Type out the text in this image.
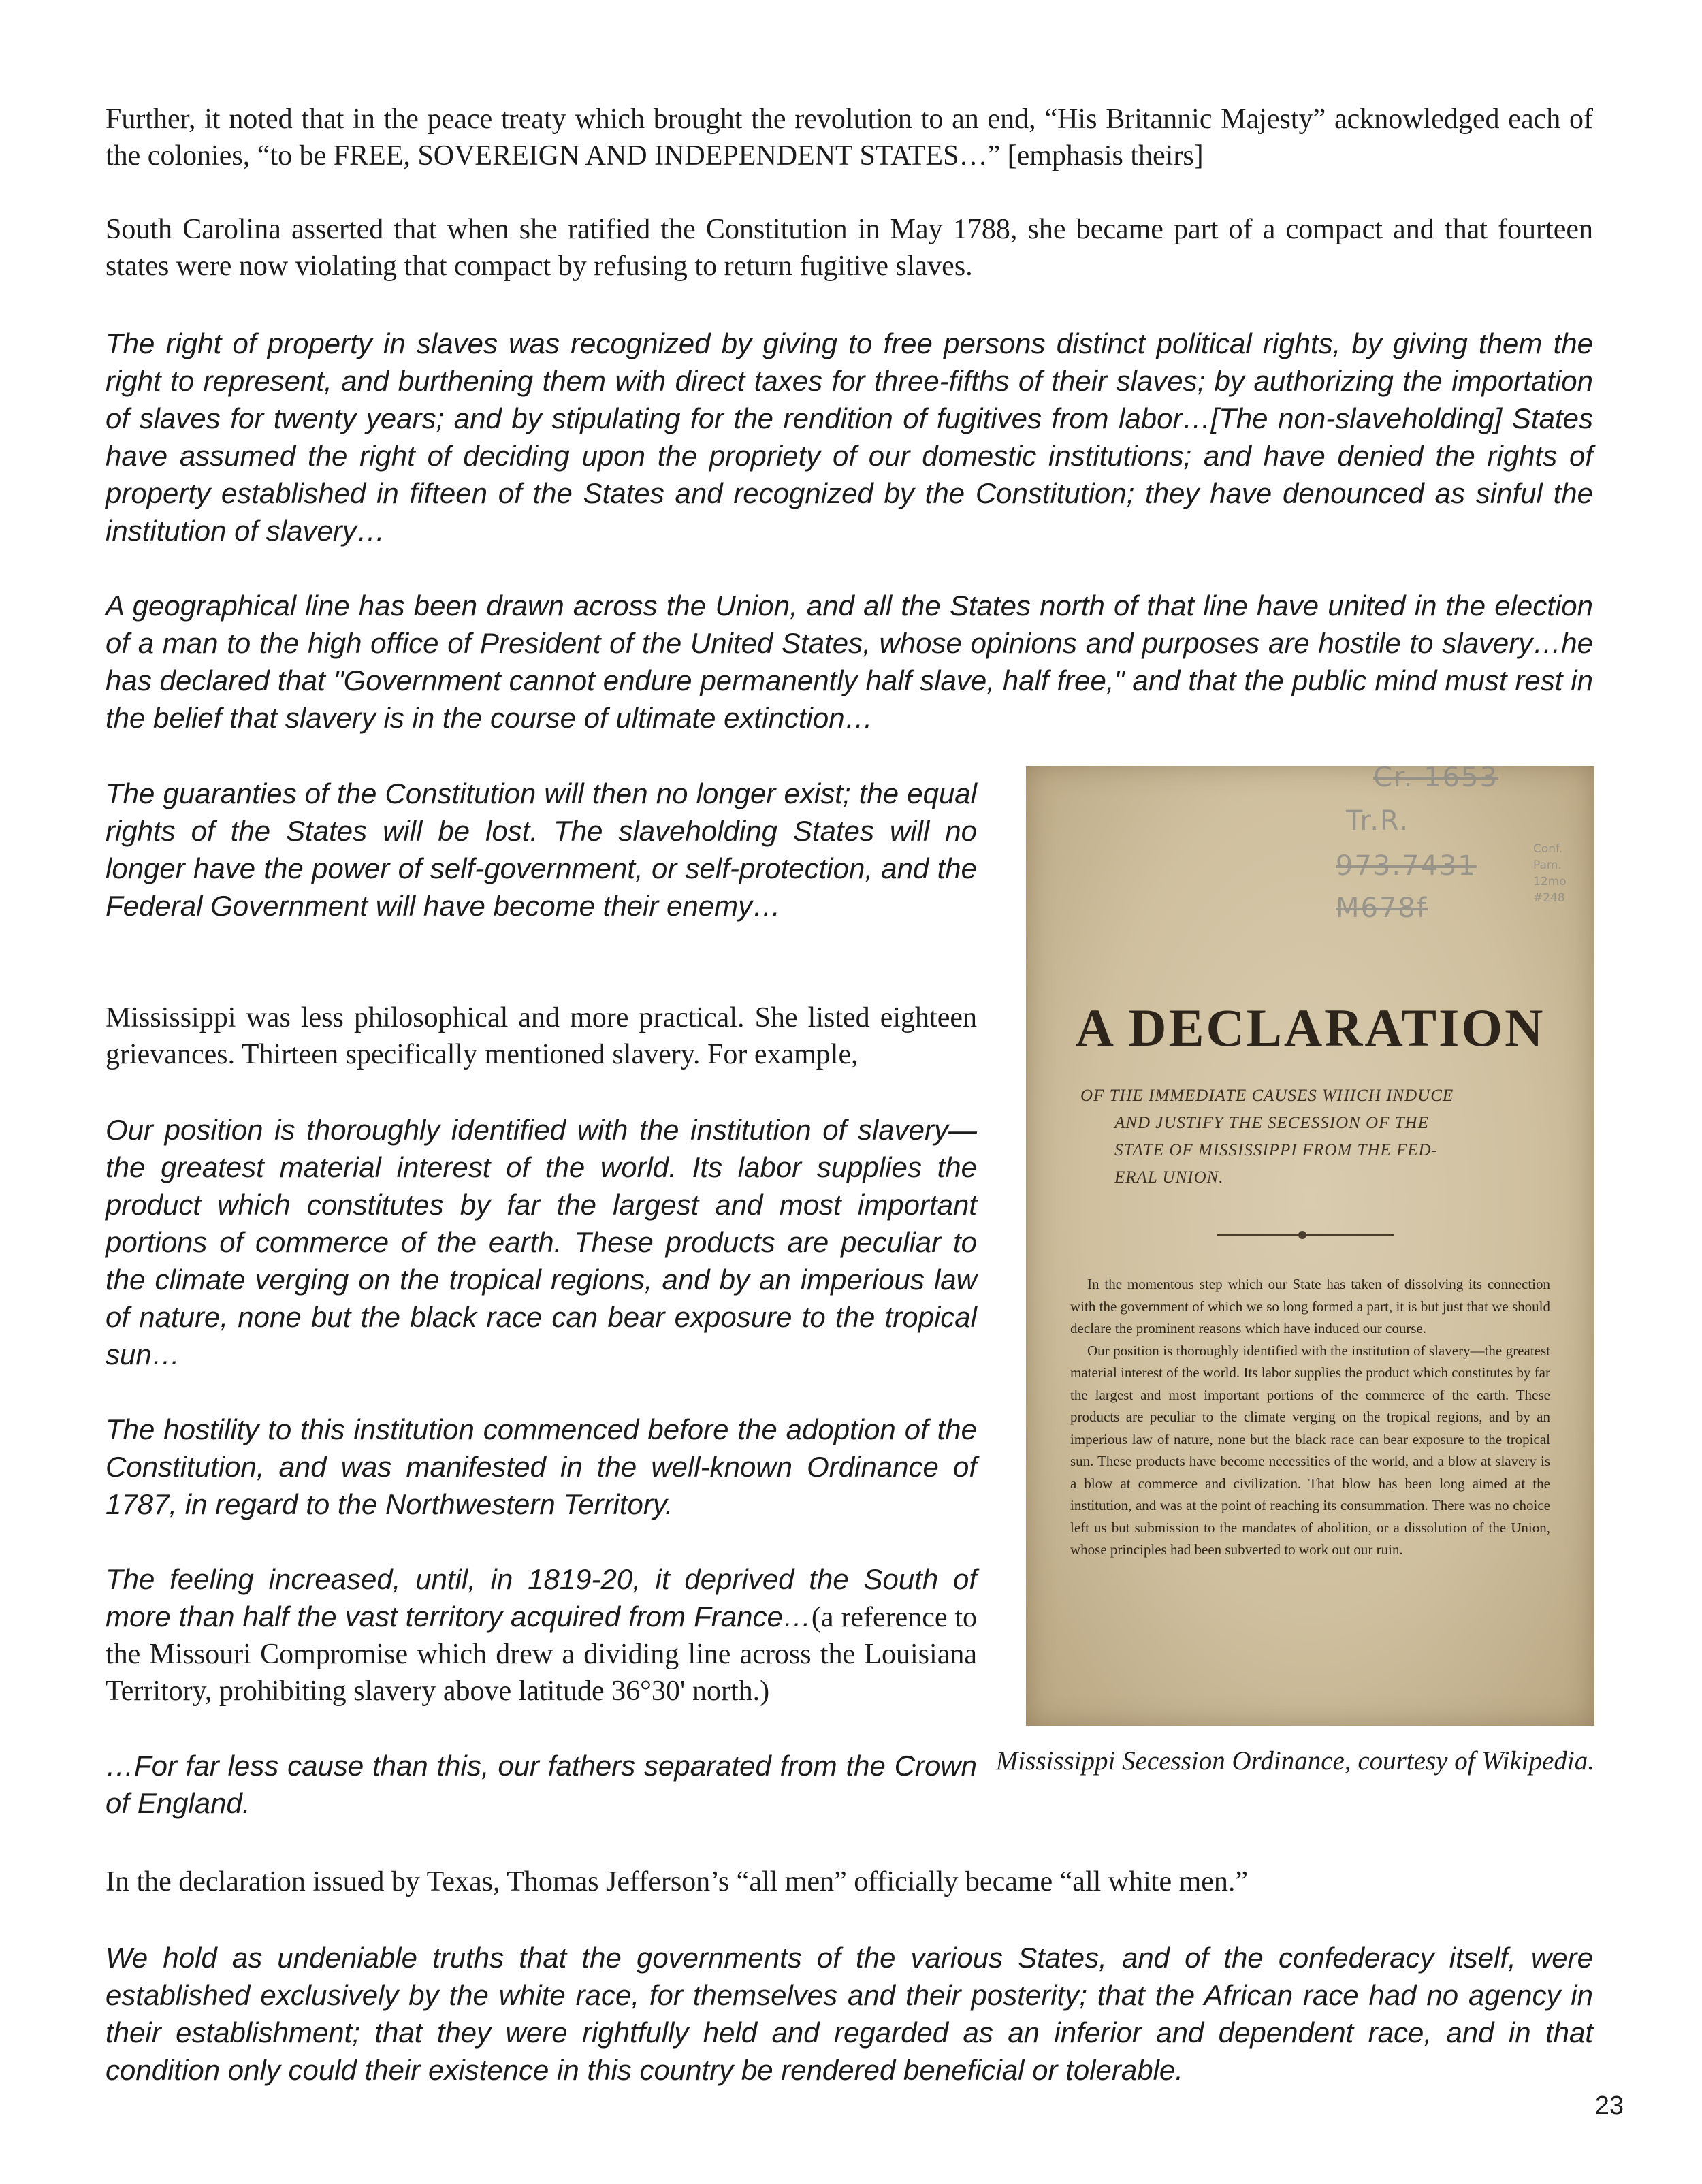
Further, it noted that in the peace treaty which brought the revolution to an end, “His Britannic Majesty” acknowledged each of the colonies, “to be FREE, SOVEREIGN AND INDEPENDENT STATES…” [emphasis theirs]

South Carolina asserted that when she ratified the Constitution in May 1788, she became part of a compact and that fourteen states were now violating that compact by refusing to return fugitive slaves.

The right of property in slaves was recognized by giving to free persons distinct political rights, by giving them the right to represent, and burthening them with direct taxes for three-fifths of their slaves; by authorizing the importation of slaves for twenty years; and by stipulating for the rendition of fugitives from labor…[The non-slaveholding] States have assumed the right of deciding upon the propriety of our domestic institutions; and have denied the rights of property established in fifteen of the States and recognized by the Constitution; they have denounced as sinful the institution of slavery…

A geographical line has been drawn across the Union, and all the States north of that line have united in the election of a man to the high office of President of the United States, whose opinions and purposes are hostile to slavery…he has declared that "Government cannot endure permanently half slave, half free," and that the public mind must rest in the belief that slavery is in the course of ultimate extinction…

The guaranties of the Constitution will then no longer exist; the equal rights of the States will be lost. The slaveholding States will no longer have the power of self-government, or self-protection, and the Federal Government will have become their enemy…

Mississippi was less philosophical and more practical. She listed eighteen grievances. Thirteen specifically mentioned slavery. For example,

Our position is thoroughly identified with the institution of slavery—the greatest material interest of the world. Its labor supplies the product which constitutes by far the largest and most important portions of commerce of the earth. These products are peculiar to the climate verging on the tropical regions, and by an imperious law of nature, none but the black race can bear exposure to the tropical sun…

The hostility to this institution commenced before the adoption of the Constitution, and was manifested in the well-known Ordinance of 1787, in regard to the Northwestern Territory.

The feeling increased, until, in 1819-20, it deprived the South of more than half the vast territory acquired from France…(a reference to the Missouri Compromise which drew a dividing line across the Louisiana Territory, prohibiting slavery above latitude 36°30' north.)

…For far less cause than this, our fathers separated from the Crown of England.

In the declaration issued by Texas, Thomas Jefferson’s “all men” officially became “all white men.”

We hold as undeniable truths that the governments of the various States, and of the confederacy itself, were established exclusively by the white race, for themselves and their posterity; that the African race had no agency in their establishment; that they were rightfully held and regarded as an inferior and dependent race, and in that condition only could their existence in this country be rendered beneficial or tolerable.

Cr. 1653
Tr.R.
973.7431
M678f
Conf. Pam. 12mo #248
A DECLARATION
OF THE IMMEDIATE CAUSES WHICH INDUCE
AND JUSTIFY THE SECESSION OF THE
STATE OF MISSISSIPPI FROM THE FED-
ERAL UNION.

In the momentous step which our State has taken of dissolving its connection with the government of which we so long formed a part, it is but just that we should declare the prominent reasons which have induced our course.

Our position is thoroughly identified with the institution of slavery—the greatest material interest of the world. Its labor supplies the product which constitutes by far the largest and most important portions of the commerce of the earth. These products are peculiar to the climate verging on the tropical regions, and by an imperious law of nature, none but the black race can bear exposure to the tropical sun. These products have become necessities of the world, and a blow at slavery is a blow at commerce and civilization. That blow has been long aimed at the institution, and was at the point of reaching its consummation. There was no choice left us but submission to the mandates of abolition, or a dissolution of the Union, whose principles had been subverted to work out our ruin.

Mississippi Secession Ordinance, courtesy of Wikipedia.

23
